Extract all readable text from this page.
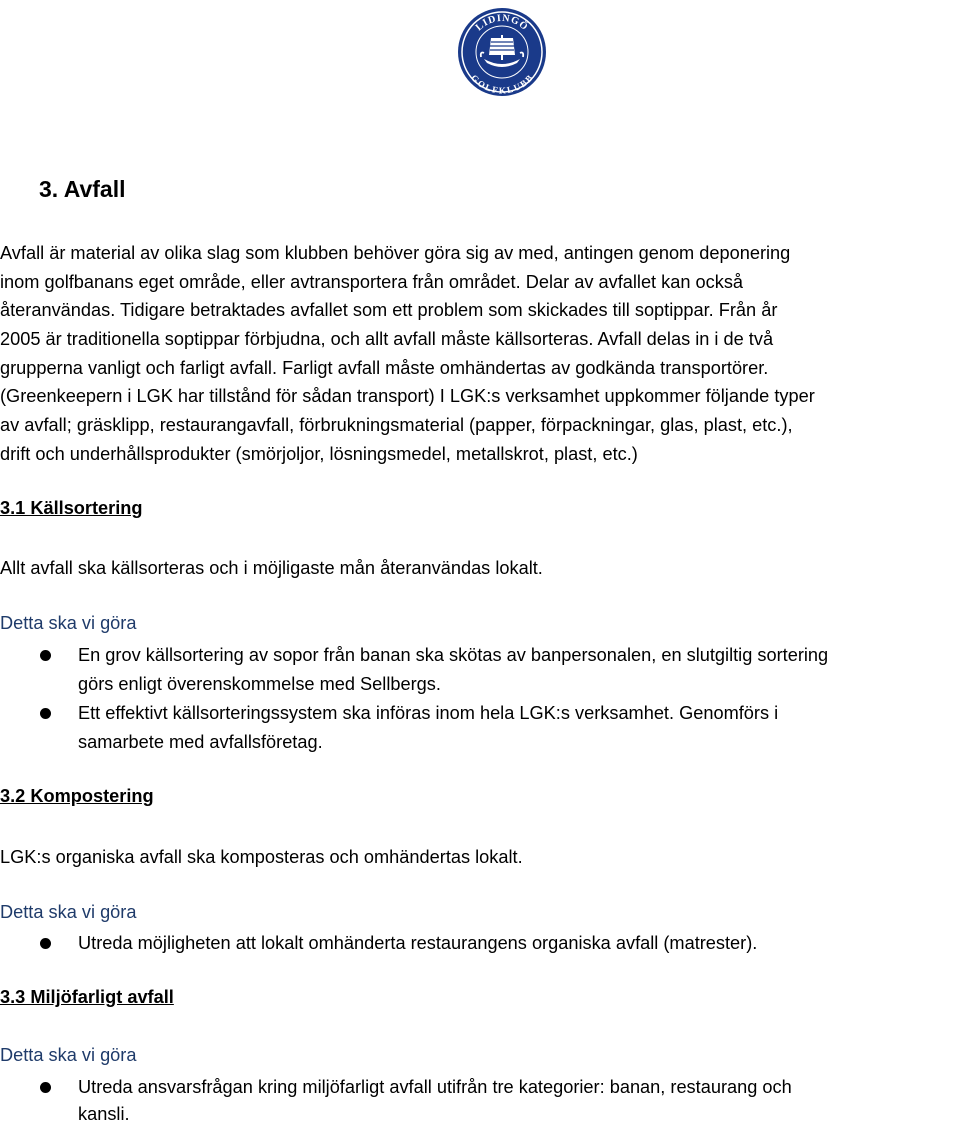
LIDINGÖ
GOLFKLUBB
3. Avfall
Avfall är material av olika slag som klubben behöver göra sig av med, antingen genom deponering
inom golfbanans eget område, eller avtransportera från området. Delar av avfallet kan också
återanvändas. Tidigare betraktades avfallet som ett problem som skickades till soptippar. Från år
2005 är traditionella soptippar förbjudna, och allt avfall måste källsorteras. Avfall delas in i de två
grupperna vanligt och farligt avfall. Farligt avfall måste omhändertas av godkända transportörer.
(Greenkeepern i LGK har tillstånd för sådan transport) I LGK:s verksamhet uppkommer följande typer
av avfall; gräsklipp, restaurangavfall, förbrukningsmaterial (papper, förpackningar, glas, plast, etc.),
drift och underhållsprodukter (smörjoljor, lösningsmedel, metallskrot, plast, etc.)
3.1 Källsortering
Allt avfall ska källsorteras och i möjligaste mån återanvändas lokalt.
Detta ska vi göra
En grov källsortering av sopor från banan ska skötas av banpersonalen, en slutgiltig sortering
görs enligt överenskommelse med Sellbergs.
Ett effektivt källsorteringssystem ska införas inom hela LGK:s verksamhet. Genomförs i
samarbete med avfallsföretag.
3.2 Kompostering
LGK:s organiska avfall ska komposteras och omhändertas lokalt.
Detta ska vi göra
Utreda möjligheten att lokalt omhänderta restaurangens organiska avfall (matrester).
3.3 Miljöfarligt avfall
Detta ska vi göra
Utreda ansvarsfrågan kring miljöfarligt avfall utifrån tre kategorier: banan, restaurang och
kansli.
